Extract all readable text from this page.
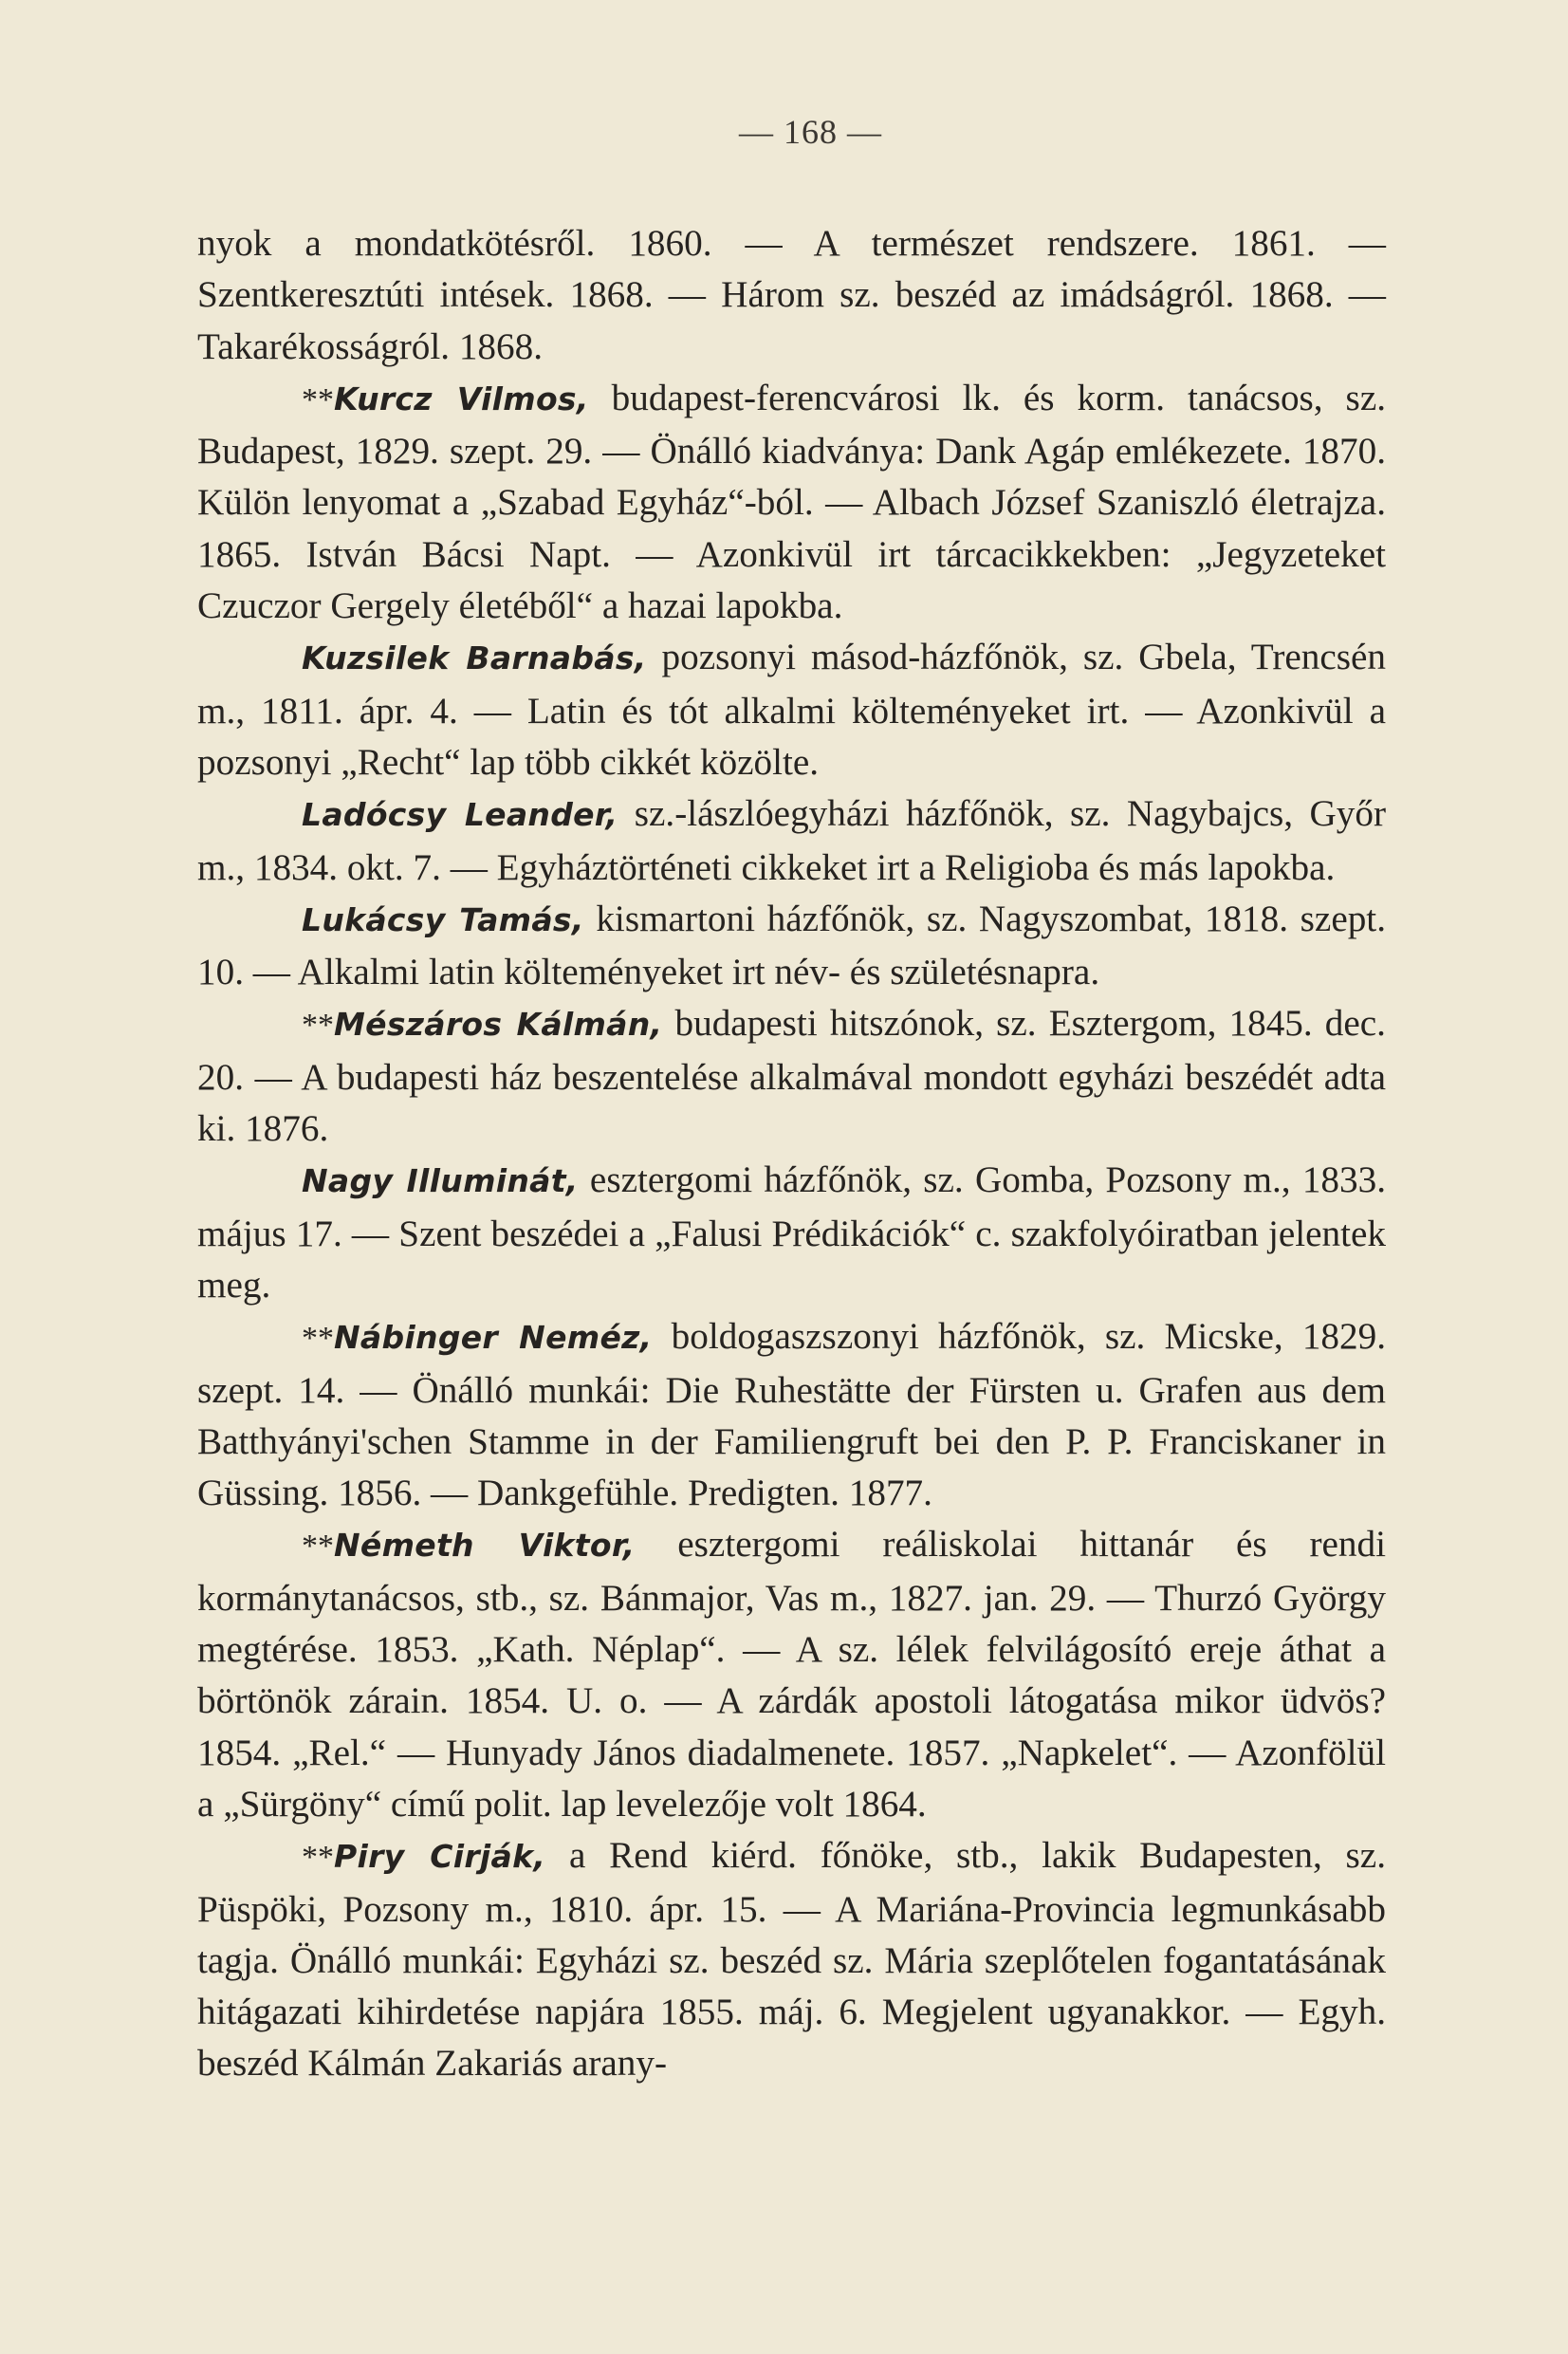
— 168 —

nyok a mondatkötésről. 1860. — A természet rendszere. 1861. — Szentkeresztúti intések. 1868. — Három sz. beszéd az imádságról. 1868. — Takarékosságról. 1868.

**Kurcz Vilmos, budapest-ferencvárosi lk. és korm. tanácsos, sz. Budapest, 1829. szept. 29. — Önálló kiadványa: Dank Agáp emlékezete. 1870. Külön lenyomat a „Szabad Egyház“-ból. — Albach József Szaniszló életrajza. 1865. István Bácsi Napt. — Azonkivül irt tárcacikkekben: „Jegyzeteket Czuczor Gergely életéből“ a hazai lapokba.

Kuzsilek Barnabás, pozsonyi másod-házfőnök, sz. Gbela, Trencsén m., 1811. ápr. 4. — Latin és tót alkalmi költeményeket irt. — Azonkivül a pozsonyi „Recht“ lap több cikkét közölte.

Ladócsy Leander, sz.-lászlóegyházi házfőnök, sz. Nagybajcs, Győr m., 1834. okt. 7. — Egyháztörténeti cikkeket irt a Religioba és más lapokba.

Lukácsy Tamás, kismartoni házfőnök, sz. Nagyszombat, 1818. szept. 10. — Alkalmi latin költeményeket irt név- és születésnapra.

**Mészáros Kálmán, budapesti hitszónok, sz. Esztergom, 1845. dec. 20. — A budapesti ház beszentelése alkalmával mondott egyházi beszédét adta ki. 1876.

Nagy Illuminát, esztergomi házfőnök, sz. Gomba, Pozsony m., 1833. május 17. — Szent beszédei a „Falusi Prédikációk“ c. szakfolyóiratban jelentek meg.

**Nábinger Neméz, boldogaszszonyi házfőnök, sz. Micske, 1829. szept. 14. — Önálló munkái: Die Ruhestätte der Fürsten u. Grafen aus dem Batthyányi'schen Stamme in der Familiengruft bei den P. P. Franciskaner in Güssing. 1856. — Dankgefühle. Predigten. 1877.

**Németh Viktor, esztergomi reáliskolai hittanár és rendi kormánytanácsos, stb., sz. Bánmajor, Vas m., 1827. jan. 29. — Thurzó György megtérése. 1853. „Kath. Néplap“. — A sz. lélek felvilágosító ereje áthat a börtönök zárain. 1854. U. o. — A zárdák apostoli látogatása mikor üdvös? 1854. „Rel.“ — Hunyady János diadalmenete. 1857. „Napkelet“. — Azonfölül a „Sürgöny“ című polit. lap levelezője volt 1864.

**Piry Cirják, a Rend kiérd. főnöke, stb., lakik Budapesten, sz. Püspöki, Pozsony m., 1810. ápr. 15. — A Mariána-Provincia legmunkásabb tagja. Önálló munkái: Egyházi sz. beszéd sz. Mária szeplőtelen fogantatásának hitágazati kihirdetése napjára 1855. máj. 6. Megjelent ugyanakkor. — Egyh. beszéd Kálmán Zakariás arany-
